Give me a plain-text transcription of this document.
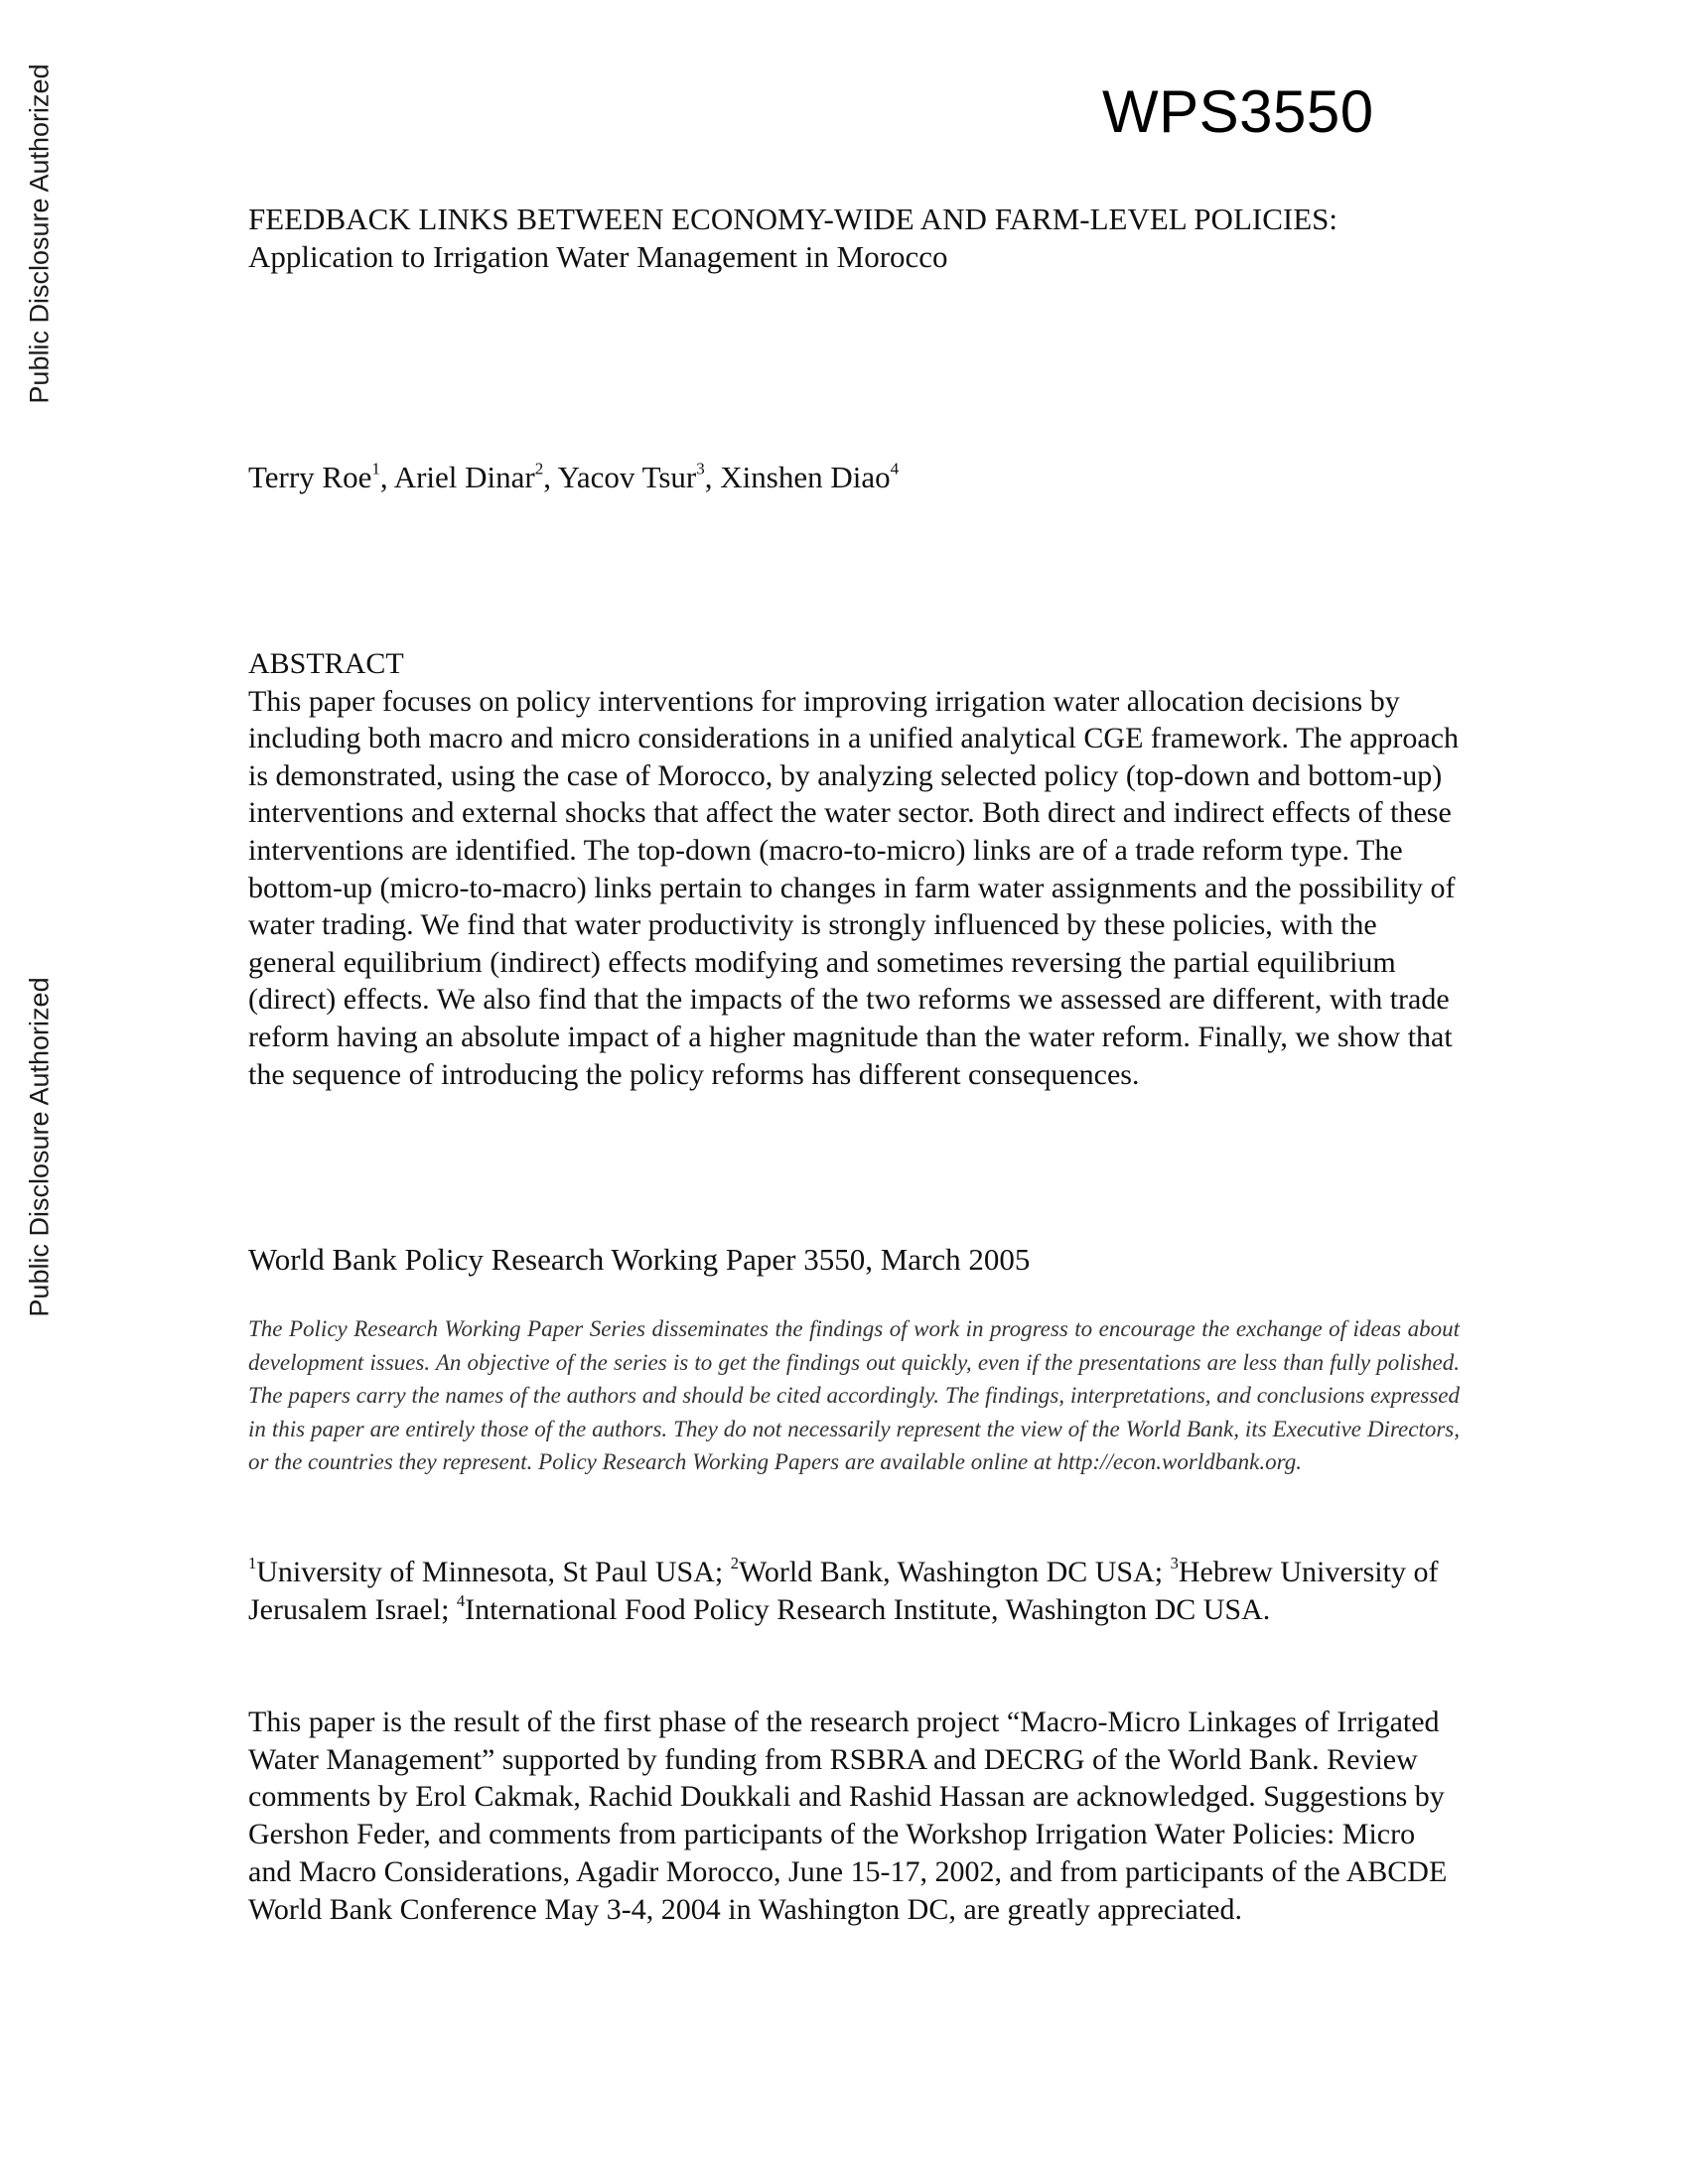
Public Disclosure Authorized
Public Disclosure Authorized
WPS3550
FEEDBACK LINKS BETWEEN ECONOMY-WIDE AND FARM-LEVEL POLICIES:
Application to Irrigation Water Management in Morocco
Terry Roe$^1$, Ariel Dinar$^2$, Yacov Tsur$^3$, Xinshen Diao$^4$
ABSTRACT

This paper focuses on policy interventions for improving irrigation water allocation decisions by including both macro and micro considerations in a unified analytical CGE framework. The approach is demonstrated, using the case of Morocco, by analyzing selected policy (top-down and bottom-up) interventions and external shocks that affect the water sector. Both direct and indirect effects of these interventions are identified. The top-down (macro-to-micro) links are of a trade reform type. The bottom-up (micro-to-macro) links pertain to changes in farm water assignments and the possibility of water trading. We find that water productivity is strongly influenced by these policies, with the general equilibrium (indirect) effects modifying and sometimes reversing the partial equilibrium (direct) effects. We also find that the impacts of the two reforms we assessed are different, with trade reform having an absolute impact of a higher magnitude than the water reform. Finally, we show that the sequence of introducing the policy reforms has different consequences.

World Bank Policy Research Working Paper 3550, March 2005
The Policy Research Working Paper Series disseminates the findings of work in progress to encourage the exchange of ideas about development issues. An objective of the series is to get the findings out quickly, even if the presentations are less than fully polished. The papers carry the names of the authors and should be cited accordingly. The findings, interpretations, and conclusions expressed in this paper are entirely those of the authors. They do not necessarily represent the view of the World Bank, its Executive Directors, or the countries they represent. Policy Research Working Papers are available online at http://econ.worldbank.org.
$^1$University of Minnesota, St Paul USA; $^2$World Bank, Washington DC USA; $^3$Hebrew University of Jerusalem Israel; $^4$International Food Policy Research Institute, Washington DC USA.
This paper is the result of the first phase of the research project “Macro-Micro Linkages of Irrigated Water Management” supported by funding from RSBRA and DECRG of the World Bank. Review comments by Erol Cakmak, Rachid Doukkali and Rashid Hassan are acknowledged. Suggestions by Gershon Feder, and comments from participants of the Workshop Irrigation Water Policies: Micro and Macro Considerations, Agadir Morocco, June 15-17, 2002, and from participants of the ABCDE World Bank Conference May 3-4, 2004 in Washington DC, are greatly appreciated.
